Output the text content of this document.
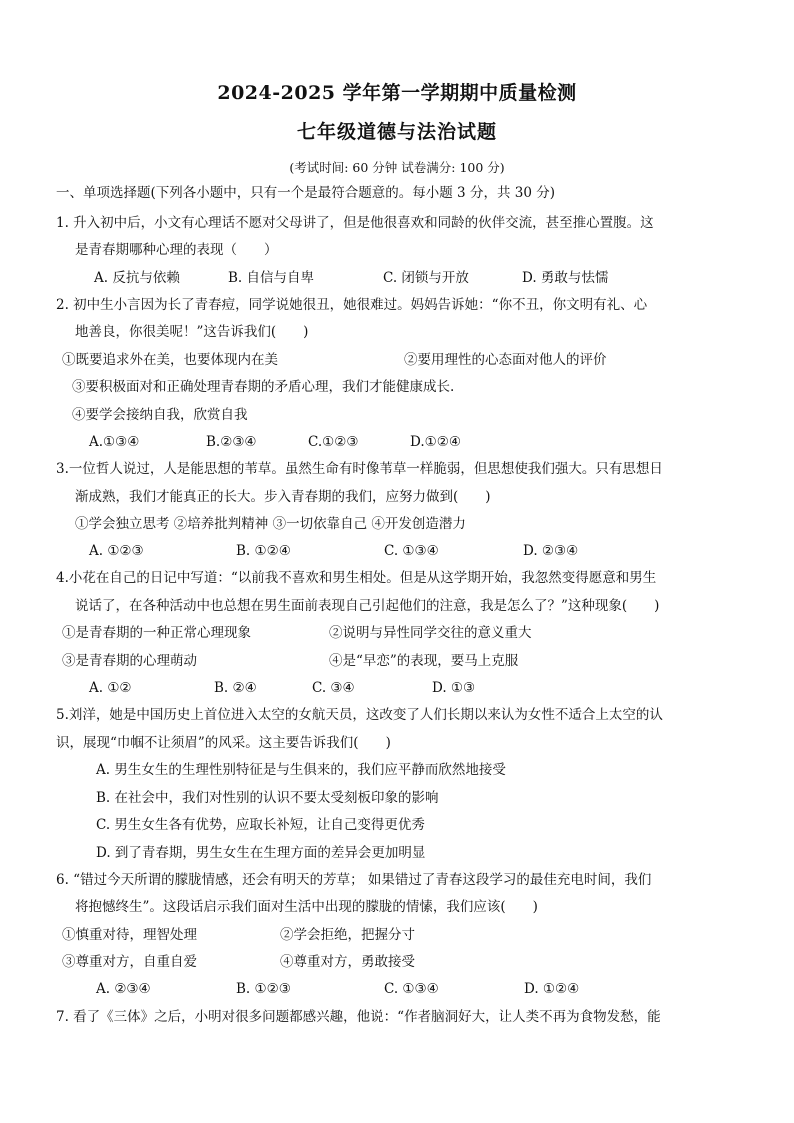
2024-2025 学年第一学期期中质量检测
七年级道德与法治试题
(考试时间: 60 分钟 试卷满分: 100 分)
一、单项选择题(下列各小题中，只有一个是最符合题意的。每小题 3 分，共 30 分)
1. 升入初中后，小文有心理话不愿对父母讲了，但是他很喜欢和同龄的伙伴交流，甚至推心置腹。这
是青春期哪种心理的表现（　　）
A. 反抗与依赖	B. 自信与自卑	C. 闭锁与开放	D. 勇敢与怯懦
2. 初中生小言因为长了青春痘，同学说她很丑，她很难过。妈妈告诉她：“你不丑，你文明有礼、心
地善良，你很美呢！”这告诉我们(　　)
①既要追求外在美，也要体现内在美	②要用理性的心态面对他人的评价
③要积极面对和正确处理青春期的矛盾心理，我们才能健康成长.
④要学会接纳自我，欣赏自我
A.①③④	B.②③④	C.①②③	D.①②④
3.一位哲人说过，人是能思想的苇草。虽然生命有时像苇草一样脆弱，但思想使我们强大。只有思想日
渐成熟，我们才能真正的长大。步入青春期的我们，应努力做到(　　)
①学会独立思考 ②培养批判精神 ③一切依靠自己 ④开发创造潜力
A. ①②③	B. ①②④	C. ①③④	D. ②③④
4.小花在自己的日记中写道：“以前我不喜欢和男生相处。但是从这学期开始，我忽然变得愿意和男生
说话了，在各种活动中也总想在男生面前表现自己引起他们的注意，我是怎么了？”这种现象(　　)
①是青春期的一种正常心理现象	②说明与异性同学交往的意义重大
③是青春期的心理萌动	④是“早恋”的表现，要马上克服
A. ①②	B. ②④	C. ③④	D. ①③
5.刘洋，她是中国历史上首位进入太空的女航天员，这改变了人们长期以来认为女性不适合上太空的认
识，展现“巾帼不让须眉”的风采。这主要告诉我们(　　)
A. 男生女生的生理性别特征是与生俱来的，我们应平静而欣然地接受
B. 在社会中，我们对性别的认识不要太受刻板印象的影响
C. 男生女生各有优势，应取长补短，让自己变得更优秀
D. 到了青春期，男生女生在生理方面的差异会更加明显
6. “错过今天所谓的朦胧情感，还会有明天的芳草； 如果错过了青春这段学习的最佳充电时间，我们
将抱憾终生”。这段话启示我们面对生活中出现的朦胧的情愫，我们应该(　　)
①慎重对待，理智处理	②学会拒绝，把握分寸
③尊重对方，自重自爱	④尊重对方，勇敢接受
A. ②③④	B. ①②③	C. ①③④	D. ①②④
7. 看了《三体》之后，小明对很多问题都感兴趣，他说：“作者脑洞好大，让人类不再为食物发愁，能
